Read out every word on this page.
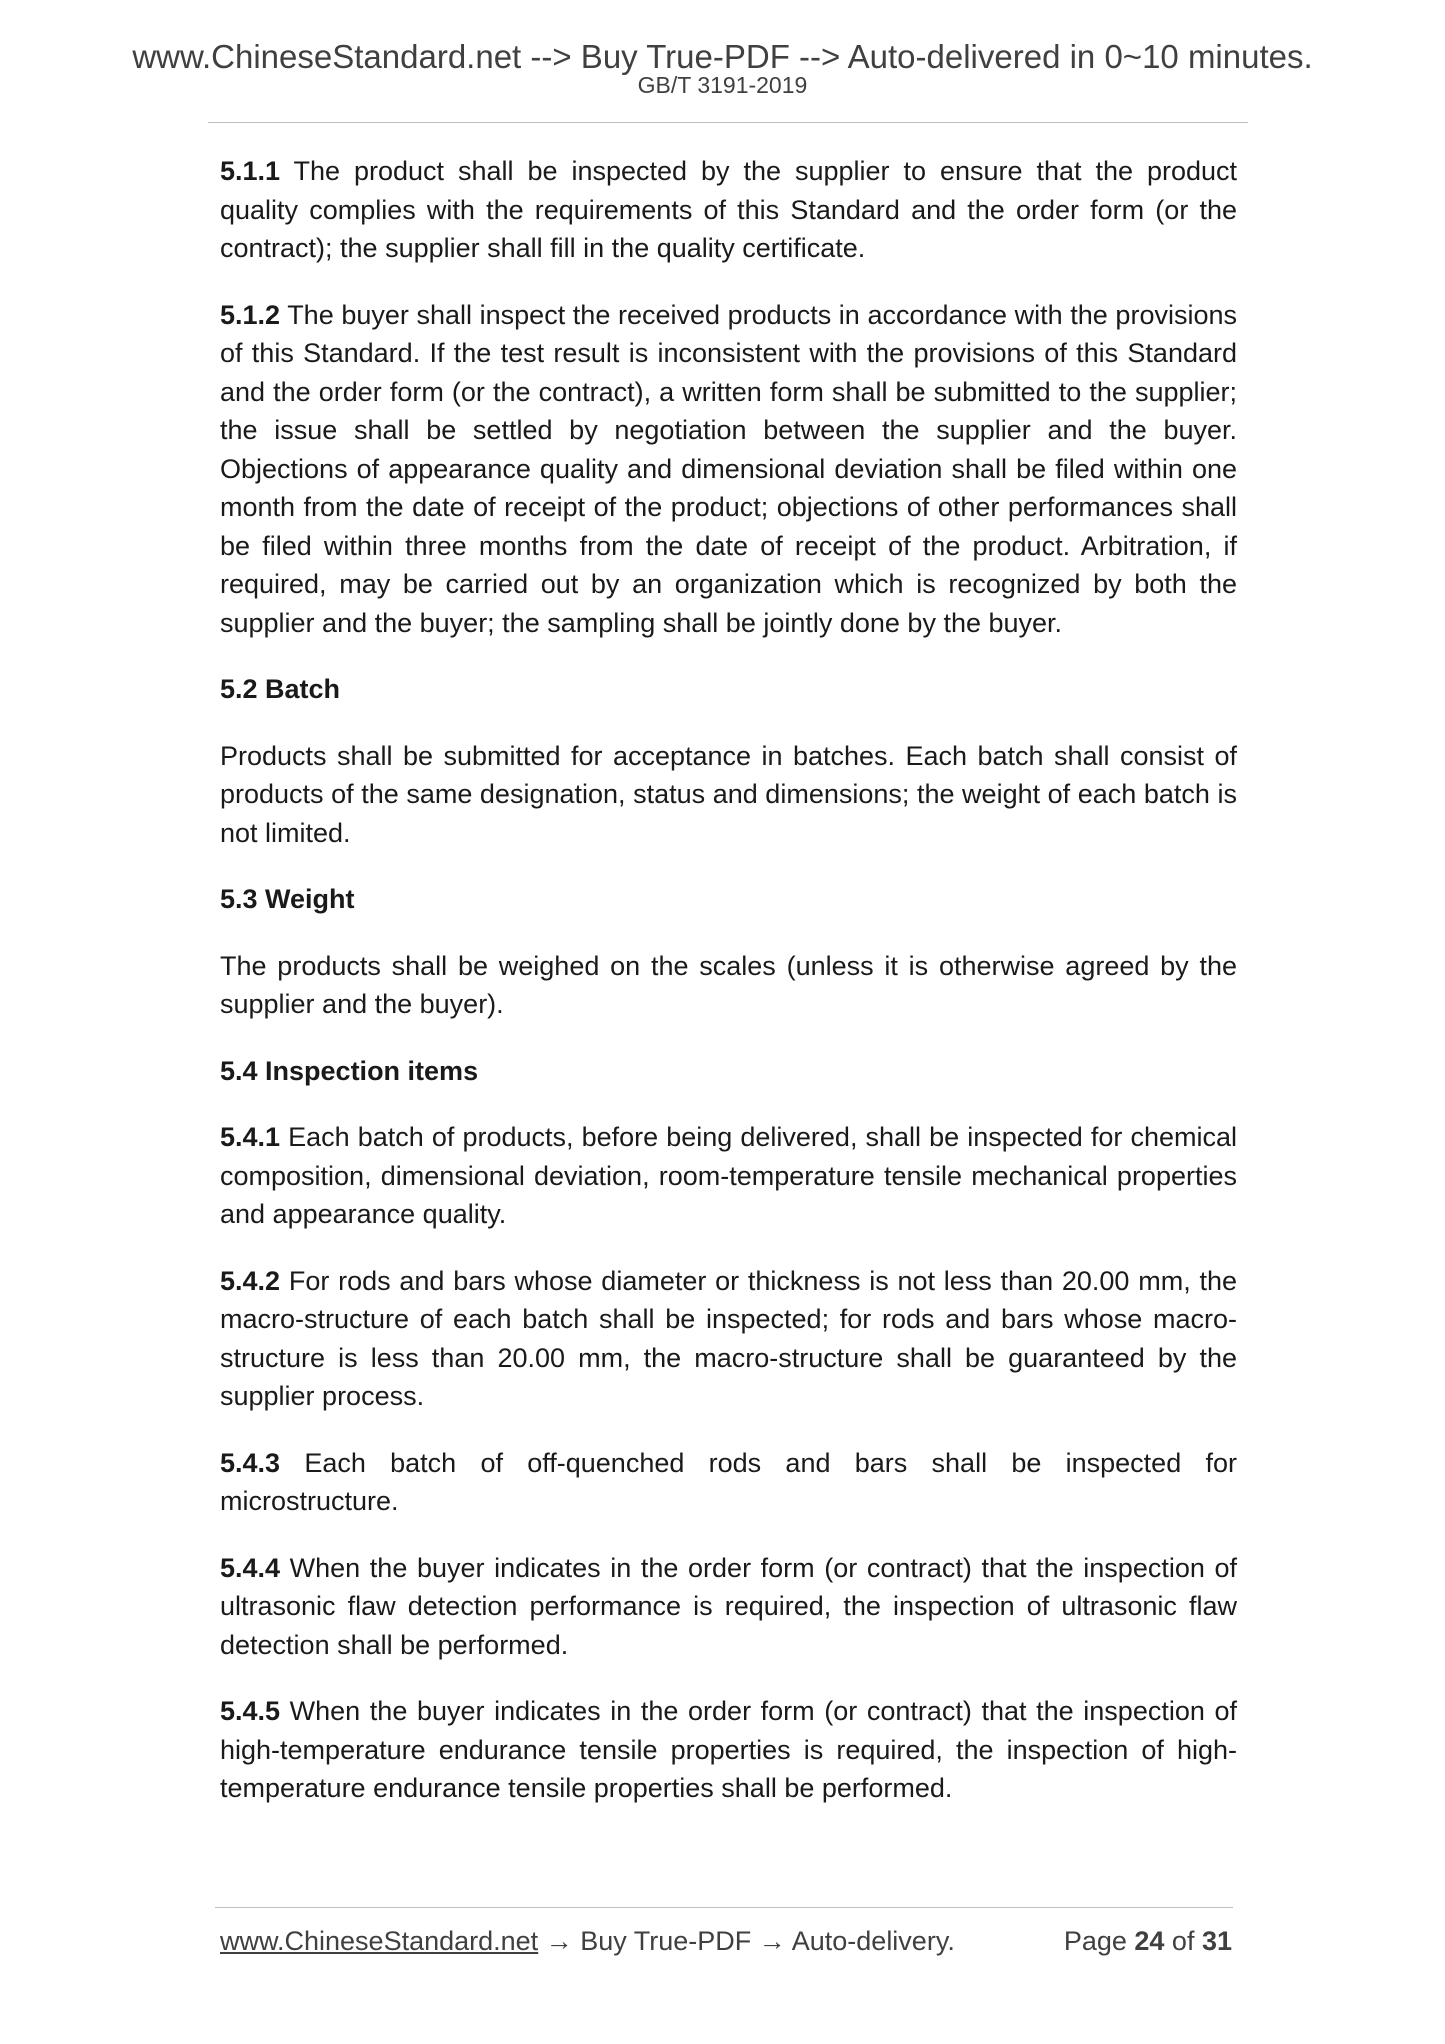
www.ChineseStandard.net --> Buy True-PDF --> Auto-delivered in 0~10 minutes.
GB/T 3191-2019

5.1.1 The product shall be inspected by the supplier to ensure that the product quality complies with the requirements of this Standard and the order form (or the contract); the supplier shall fill in the quality certificate.

5.1.2 The buyer shall inspect the received products in accordance with the provisions of this Standard. If the test result is inconsistent with the provisions of this Standard and the order form (or the contract), a written form shall be submitted to the supplier; the issue shall be settled by negotiation between the supplier and the buyer. Objections of appearance quality and dimensional deviation shall be filed within one month from the date of receipt of the product; objections of other performances shall be filed within three months from the date of receipt of the product. Arbitration, if required, may be carried out by an organization which is recognized by both the supplier and the buyer; the sampling shall be jointly done by the buyer.

5.2 Batch

Products shall be submitted for acceptance in batches. Each batch shall consist of products of the same designation, status and dimensions; the weight of each batch is not limited.

5.3 Weight

The products shall be weighed on the scales (unless it is otherwise agreed by the supplier and the buyer).

5.4 Inspection items

5.4.1 Each batch of products, before being delivered, shall be inspected for chemical composition, dimensional deviation, room-temperature tensile mechanical properties and appearance quality.

5.4.2 For rods and bars whose diameter or thickness is not less than 20.00 mm, the macro-structure of each batch shall be inspected; for rods and bars whose macro-structure is less than 20.00 mm, the macro-structure shall be guaranteed by the supplier process.

5.4.3 Each batch of off-quenched rods and bars shall be inspected for microstructure.

5.4.4 When the buyer indicates in the order form (or contract) that the inspection of ultrasonic flaw detection performance is required, the inspection of ultrasonic flaw detection shall be performed.

5.4.5 When the buyer indicates in the order form (or contract) that the inspection of high-temperature endurance tensile properties is required, the inspection of high-temperature endurance tensile properties shall be performed.

www.ChineseStandard.net → Buy True-PDF → Auto-delivery.	Page 24 of 31
